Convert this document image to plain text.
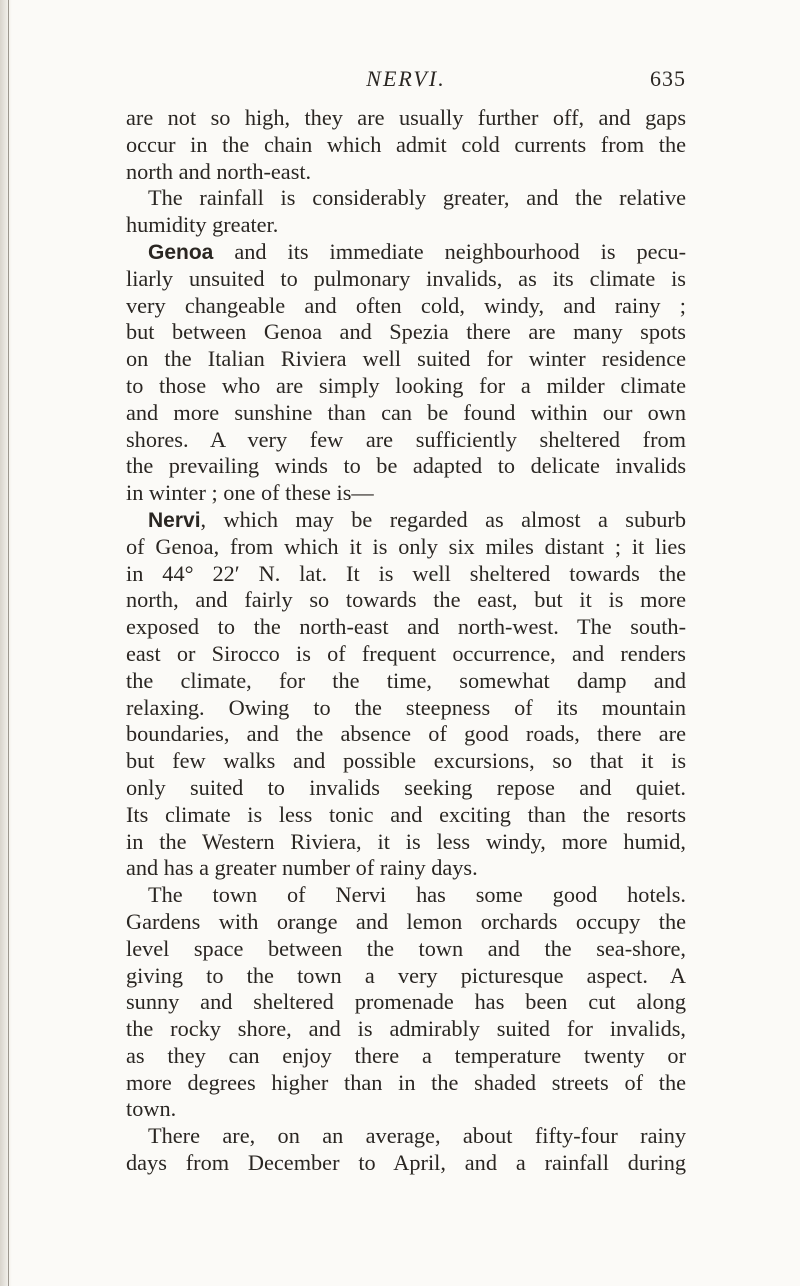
NERVI.	635
are not so high, they are usually further off, and gaps
occur in the chain which admit cold currents from the
north and north-east.
The rainfall is considerably greater, and the relative
humidity greater.
Genoa and its immediate neighbourhood is pecu-
liarly unsuited to pulmonary invalids, as its climate is
very changeable and often cold, windy, and rainy ;
but between Genoa and Spezia there are many spots
on the Italian Riviera well suited for winter residence
to those who are simply looking for a milder climate
and more sunshine than can be found within our own
shores. A very few are sufficiently sheltered from
the prevailing winds to be adapted to delicate invalids
in winter ; one of these is—
Nervi, which may be regarded as almost a suburb
of Genoa, from which it is only six miles distant ; it lies
in 44° 22′ N. lat. It is well sheltered towards the
north, and fairly so towards the east, but it is more
exposed to the north-east and north-west. The south-
east or Sirocco is of frequent occurrence, and renders
the climate, for the time, somewhat damp and
relaxing. Owing to the steepness of its mountain
boundaries, and the absence of good roads, there are
but few walks and possible excursions, so that it is
only suited to invalids seeking repose and quiet.
Its climate is less tonic and exciting than the resorts
in the Western Riviera, it is less windy, more humid,
and has a greater number of rainy days.
The town of Nervi has some good hotels.
Gardens with orange and lemon orchards occupy the
level space between the town and the sea-shore,
giving to the town a very picturesque aspect. A
sunny and sheltered promenade has been cut along
the rocky shore, and is admirably suited for invalids,
as they can enjoy there a temperature twenty or
more degrees higher than in the shaded streets of the
town.
There are, on an average, about fifty-four rainy
days from December to April, and a rainfall during
